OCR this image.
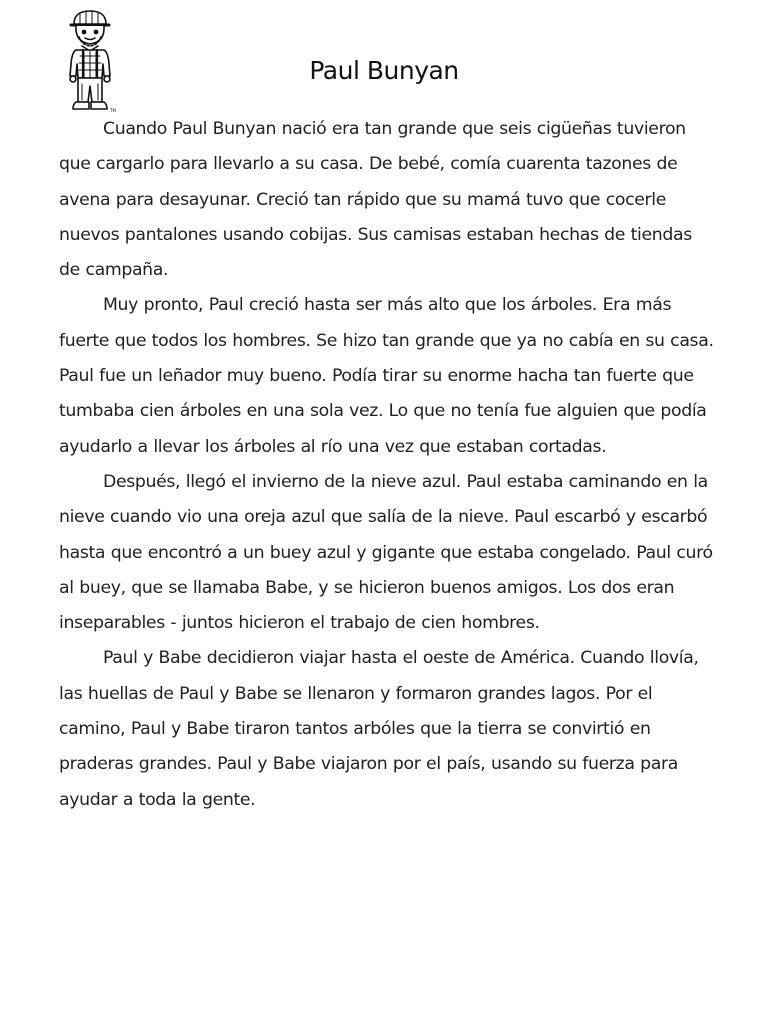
TM
Paul Bunyan

Cuando Paul Bunyan nació era tan grande que seis cigüeñas tuvieron que cargarlo para llevarlo a su casa. De bebé, comía cuarenta tazones de avena para desayunar. Creció tan rápido que su mamá tuvo que cocerle nuevos pantalones usando cobijas. Sus camisas estaban hechas de tiendas de campaña.

Muy pronto, Paul creció hasta ser más alto que los árboles. Era más fuerte que todos los hombres. Se hizo tan grande que ya no cabía en su casa. Paul fue un leñador muy bueno. Podía tirar su enorme hacha tan fuerte que tumbaba cien árboles en una sola vez. Lo que no tenía fue alguien que podía ayudarlo a llevar los árboles al río una vez que estaban cortadas.

Después, llegó el invierno de la nieve azul. Paul estaba caminando en la nieve cuando vio una oreja azul que salía de la nieve. Paul escarbó y escarbó hasta que encontró a un buey azul y gigante que estaba congelado. Paul curó al buey, que se llamaba Babe, y se hicieron buenos amigos. Los dos eran inseparables - juntos hicieron el trabajo de cien hombres.

Paul y Babe decidieron viajar hasta el oeste de América. Cuando llovía, las huellas de Paul y Babe se llenaron y formaron grandes lagos. Por el camino, Paul y Babe tiraron tantos arbóles que la tierra se convirtió en praderas grandes. Paul y Babe viajaron por el país, usando su fuerza para ayudar a toda la gente.
